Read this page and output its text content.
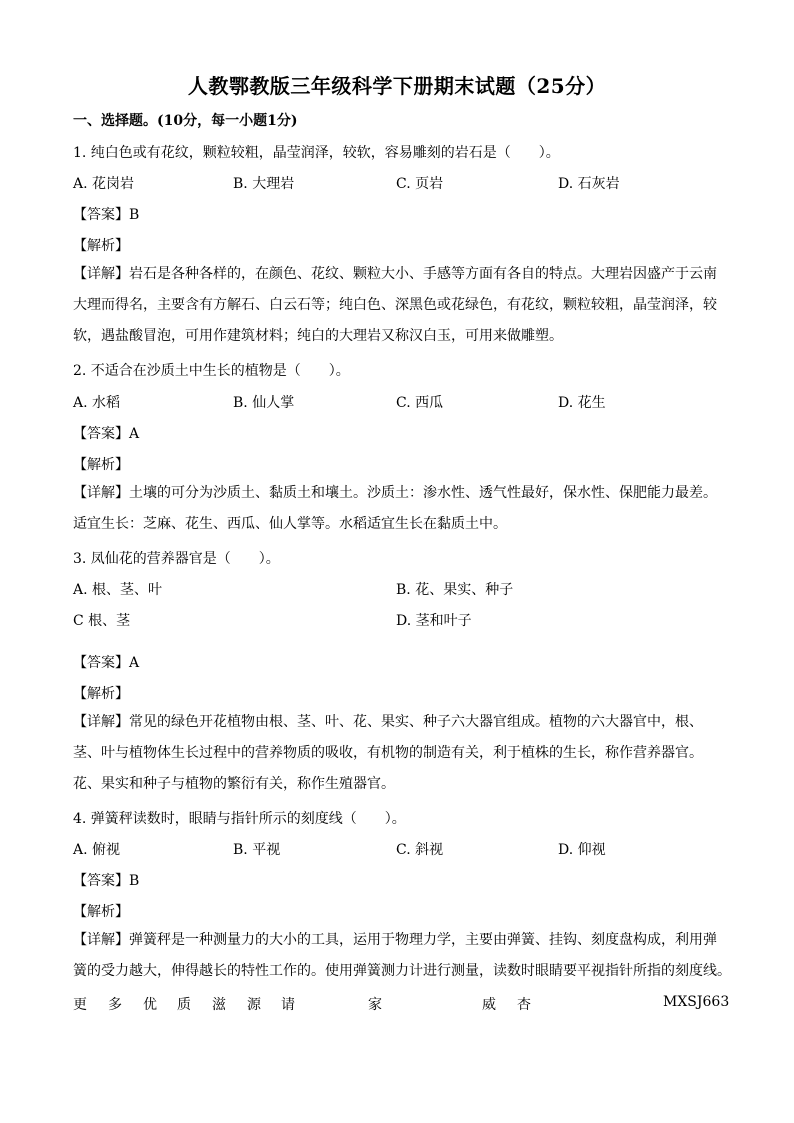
人教鄂教版三年级科学下册期末试题（25分）
一、选择题。(10分，每一小题1分)
1. 纯白色或有花纹，颗粒较粗，晶莹润泽，较软，容易雕刻的岩石是（　　）。
A. 花岗岩	B. 大理岩	C. 页岩	D. 石灰岩
【答案】B
【解析】
【详解】岩石是各种各样的，在颜色、花纹、颗粒大小、手感等方面有各自的特点。大理岩因盛产于云南
大理而得名，主要含有方解石、白云石等；纯白色、深黑色或花绿色，有花纹，颗粒较粗，晶莹润泽，较
软，遇盐酸冒泡，可用作建筑材料；纯白的大理岩又称汉白玉，可用来做雕塑。
2. 不适合在沙质土中生长的植物是（　　）。
A. 水稻	B. 仙人掌	C. 西瓜	D. 花生
【答案】A
【解析】
【详解】土壤的可分为沙质土、黏质土和壤土。沙质土：渗水性、透气性最好，保水性、保肥能力最差。
适宜生长：芝麻、花生、西瓜、仙人掌等。水稻适宜生长在黏质土中。
3. 凤仙花的营养器官是（　　）。
A. 根、茎、叶	B. 花、果实、种子
C 根、茎	D. 茎和叶子
【答案】A
【解析】
【详解】常见的绿色开花植物由根、茎、叶、花、果实、种子六大器官组成。植物的六大器官中，根、
茎、叶与植物体生长过程中的营养物质的吸收，有机物的制造有关，利于植株的生长，称作营养器官。
花、果实和种子与植物的繁衍有关，称作生殖器官。
4. 弹簧秤读数时，眼睛与指针所示的刻度线（　　）。
A. 俯视	B. 平视	C. 斜视	D. 仰视
【答案】B
【解析】
【详解】弹簧秤是一种测量力的大小的工具，运用于物理力学，主要由弹簧、挂钩、刻度盘构成，利用弹
簧的受力越大，伸得越长的特性工作的。使用弹簧测力计进行测量，读数时眼睛要平视指针所指的刻度线。
更 多 优 质 滋 源 请	家	威 杏	MXSJ663
